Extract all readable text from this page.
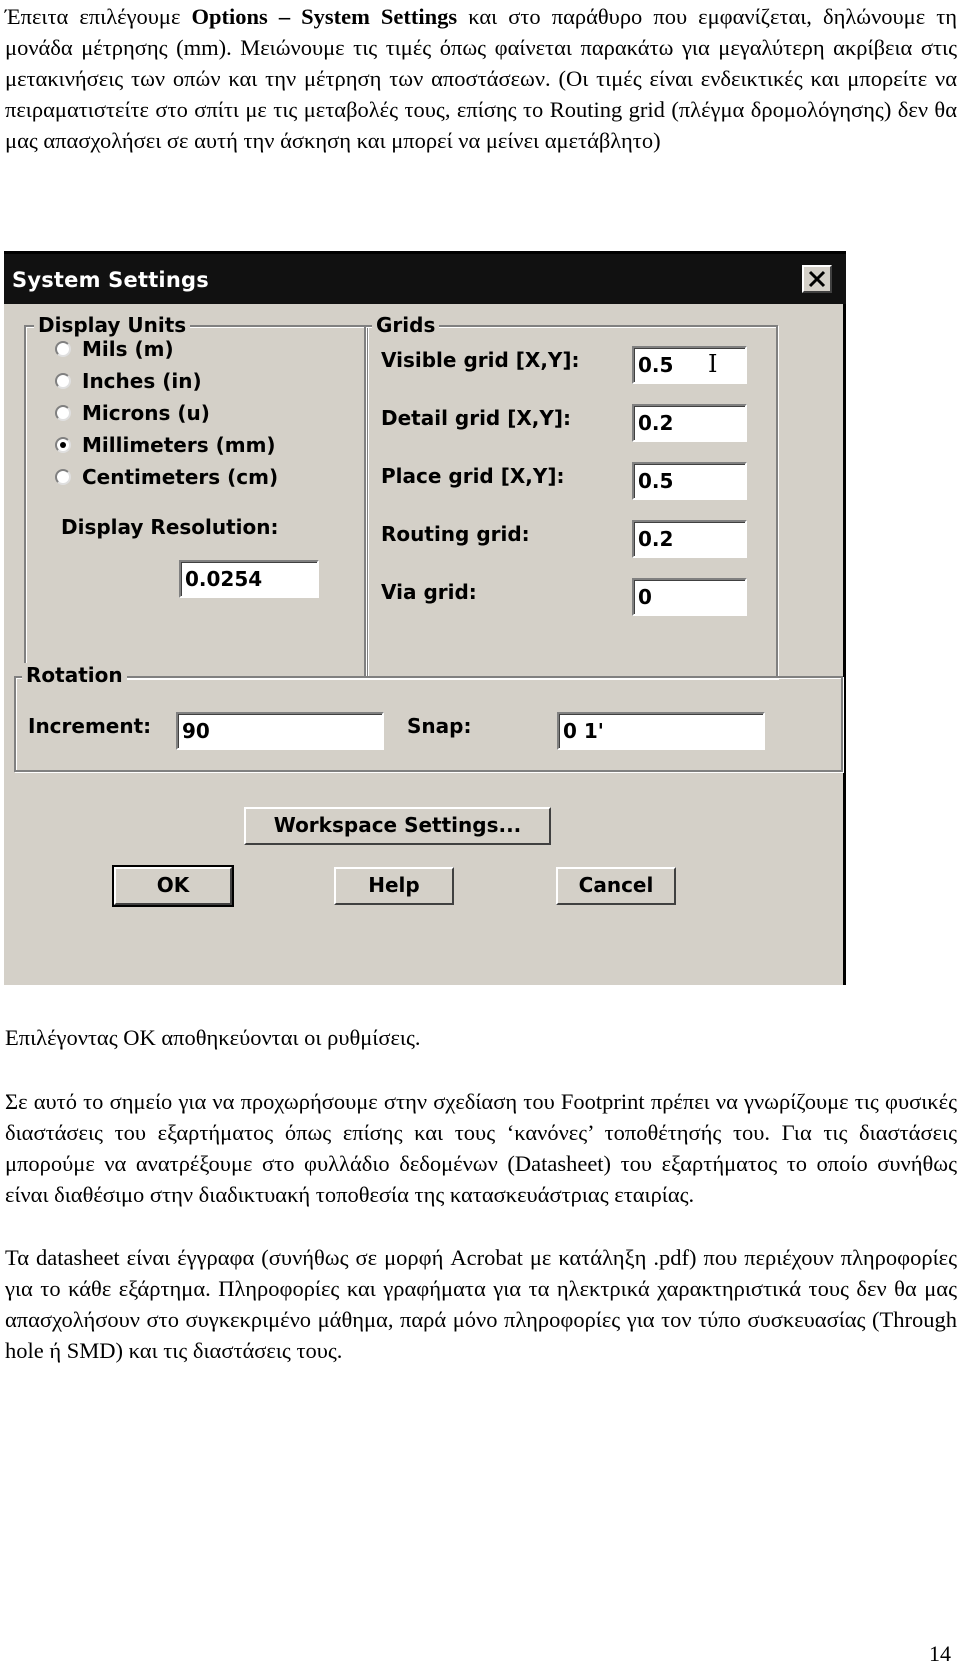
Έπειτα επιλέγουμε Options – System Settings και στο παράθυρο που εμφανίζεται, δηλώνουμε τη μονάδα μέτρησης (mm). Μειώνουμε τις τιμές όπως φαίνεται παρακάτω για μεγαλύτερη ακρίβεια στις μετακινήσεις των οπών και την μέτρηση των αποστάσεων. (Οι τιμές είναι ενδεικτικές και μπορείτε να πειραματιστείτε στο σπίτι με τις μεταβολές τους, επίσης το Routing grid (πλέγμα δρομολόγησης) δεν θα μας απασχολήσει σε αυτή την άσκηση και μπορεί να μείνει αμετάβλητο)

System Settings
Display Units
Mils (m)
Inches (in)
Microns (u)
Millimeters (mm)
Centimeters (cm)
Display Resolution:
0.0254
Grids
Visible grid [X,Y]:	0.5 I
Detail grid [X,Y]:	0.2
Place grid [X,Y]:	0.5
Routing grid:	0.2
Via grid:	0
Rotation
Increment:	90	Snap:	0 1'
Workspace Settings...
OK	Help	Cancel

Επιλέγοντας ΟΚ αποθηκεύονται οι ρυθμίσεις.

Σε αυτό το σημείο για να προχωρήσουμε στην σχεδίαση του Footprint πρέπει να γνωρίζουμε τις φυσικές διαστάσεις του εξαρτήματος όπως επίσης και τους ‘κανόνες’ τοποθέτησής του. Για τις διαστάσεις μπορούμε να ανατρέξουμε στο φυλλάδιο δεδομένων (Datasheet) του εξαρτήματος το οποίο συνήθως είναι διαθέσιμο στην διαδικτυακή τοποθεσία της κατασκευάστριας εταιρίας.

Τα datasheet είναι έγγραφα (συνήθως σε μορφή Acrobat με κατάληξη .pdf) που περιέχουν πληροφορίες για το κάθε εξάρτημα. Πληροφορίες και γραφήματα για τα ηλεκτρικά χαρακτηριστικά τους δεν θα μας απασχολήσουν στο συγκεκριμένο μάθημα, παρά μόνο πληροφορίες για τον τύπο συσκευασίας (Through hole ή SMD) και τις διαστάσεις τους.

14
